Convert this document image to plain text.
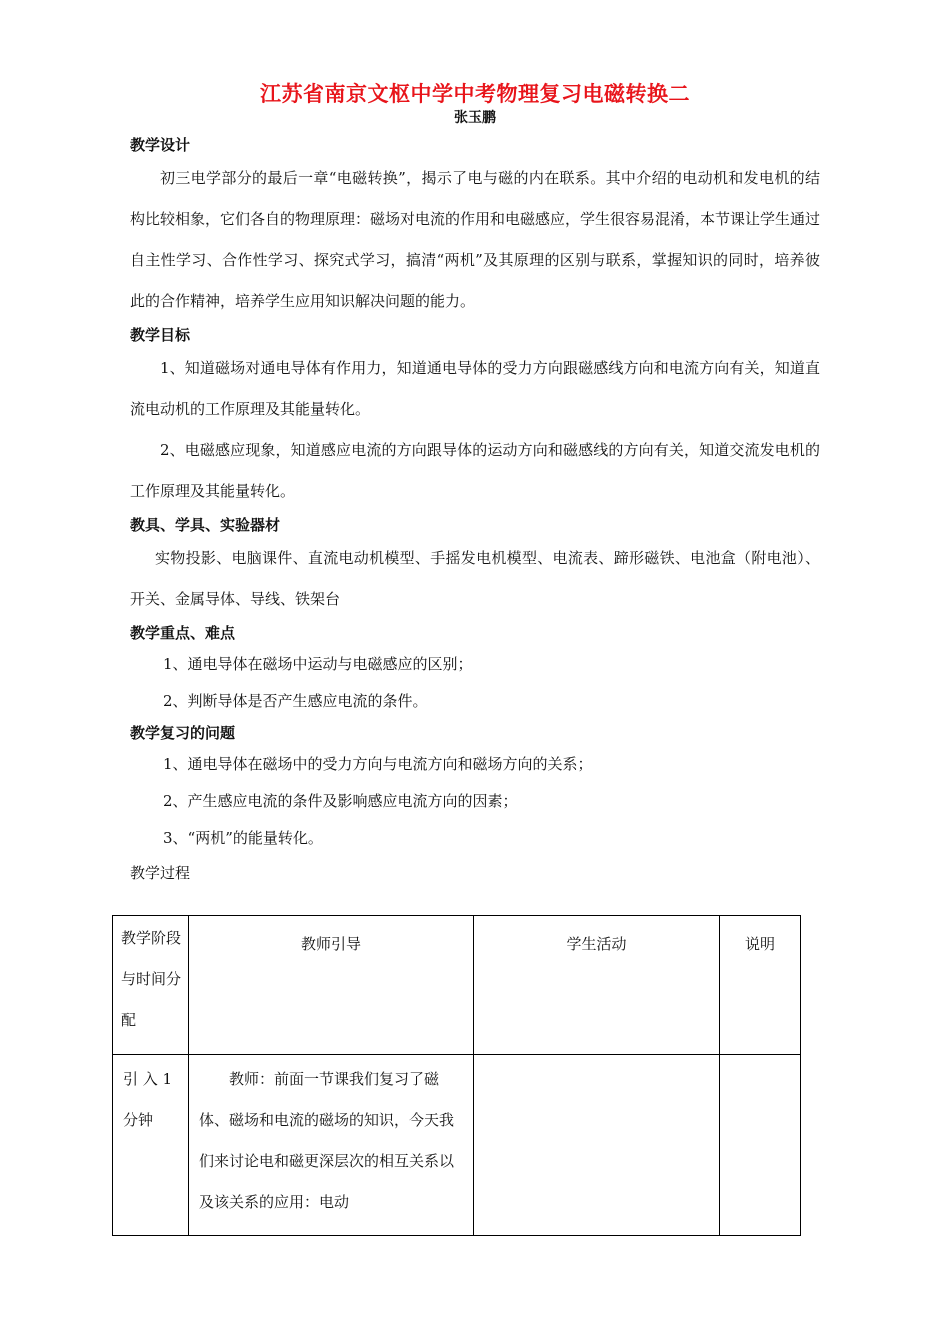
江苏省南京文枢中学中考物理复习电磁转换二
张玉鹏
教学设计

初三电学部分的最后一章“电磁转换”，揭示了电与磁的内在联系。其中介绍的电动机和发电机的结构比较相象，它们各自的物理原理：磁场对电流的作用和电磁感应，学生很容易混淆，本节课让学生通过自主性学习、合作性学习、探究式学习，搞清“两机”及其原理的区别与联系，掌握知识的同时，培养彼此的合作精神，培养学生应用知识解决问题的能力。

教学目标

1、知道磁场对通电导体有作用力，知道通电导体的受力方向跟磁感线方向和电流方向有关，知道直流电动机的工作原理及其能量转化。

2、电磁感应现象，知道感应电流的方向跟导体的运动方向和磁感线的方向有关，知道交流发电机的工作原理及其能量转化。

教具、学具、实验器材

实物投影、电脑课件、直流电动机模型、手摇发电机模型、电流表、蹄形磁铁、电池盒（附电池）、开关、金属导体、导线、铁架台

教学重点、难点

1、通电导体在磁场中运动与电磁感应的区别；

2、判断导体是否产生感应电流的条件。

教学复习的问题

1、通电导体在磁场中的受力方向与电流方向和磁场方向的关系；

2、产生感应电流的条件及影响感应电流方向的因素；

3、“两机”的能量转化。

教学过程

教学阶段与时间分配	教师引导	学生活动	说明
引 入 1 分钟	教师：前面一节课我们复习了磁体、磁场和电流的磁场的知识，今天我们来讨论电和磁更深层次的相互关系以及该关系的应用：电动		
